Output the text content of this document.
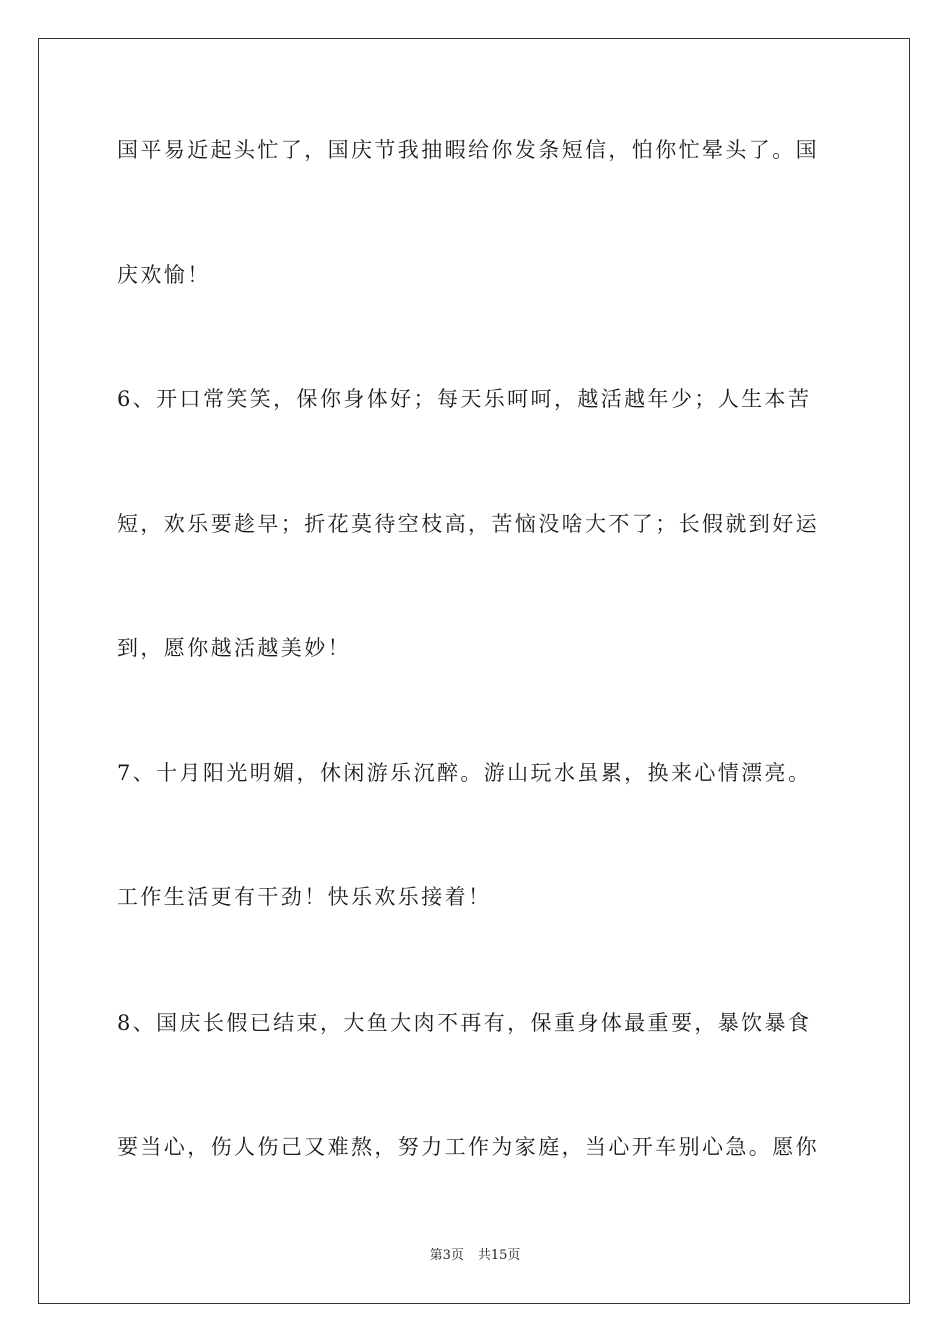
国平易近起头忙了，国庆节我抽暇给你发条短信，怕你忙晕头了。国
庆欢愉！
6、开口常笑笑，保你身体好；每天乐呵呵，越活越年少；人生本苦
短，欢乐要趁早；折花莫待空枝高，苦恼没啥大不了；长假就到好运
到，愿你越活越美妙！
7、十月阳光明媚，休闲游乐沉醉。游山玩水虽累，换来心情漂亮。
工作生活更有干劲！快乐欢乐接着！
8、国庆长假已结束，大鱼大肉不再有，保重身体最重要，暴饮暴食
要当心，伤人伤己又难熬，努力工作为家庭，当心开车别心急。愿你
第3页 共15页
